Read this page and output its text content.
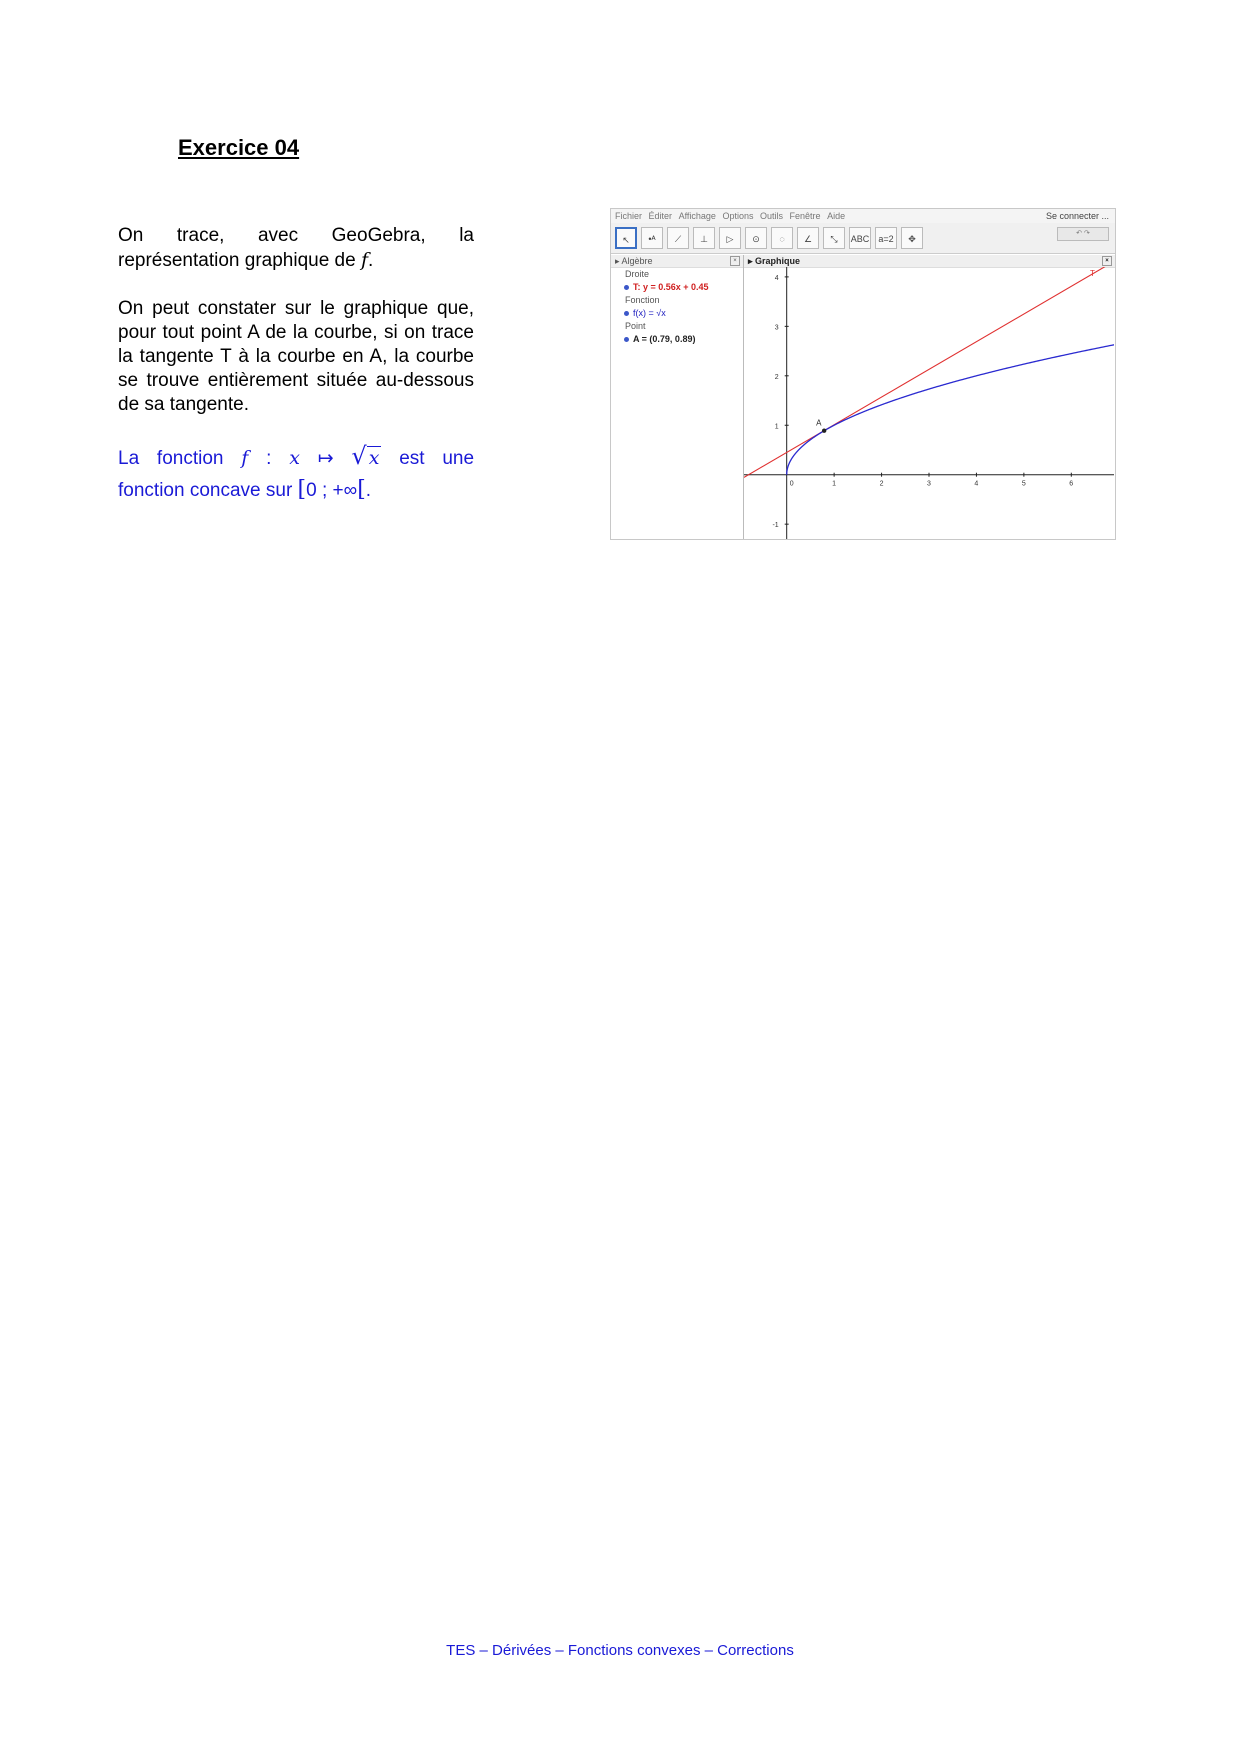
Exercice 04
On trace, avec GeoGebra, la
représentation graphique de f.
On peut constater sur le graphique que, pour tout point A de la courbe, si on trace la tangente T à la courbe en A, la courbe se trouve entièrement située au-dessous de sa tangente.
La fonction f : x ↦ √ x est une
fonction concave sur [0 ; +∞[.
Fichier Éditer Affichage Options Outils Fenêtre Aide	Se connecter ...
↖	•ᴬ	⟋	⊥	▷	⊙	◌	∠	⤡	ABC	a=2	✥
↶ ↷
▸ Algèbre	×
Droite
T: y = 0.56x + 0.45
Fonction
f(x) = √x
Point
A = (0.79, 0.89)
▸ Graphique	×
0	1	2	3	4	5	6
4
3
2
1
-1
A
T
TES – Dérivées – Fonctions convexes – Corrections
